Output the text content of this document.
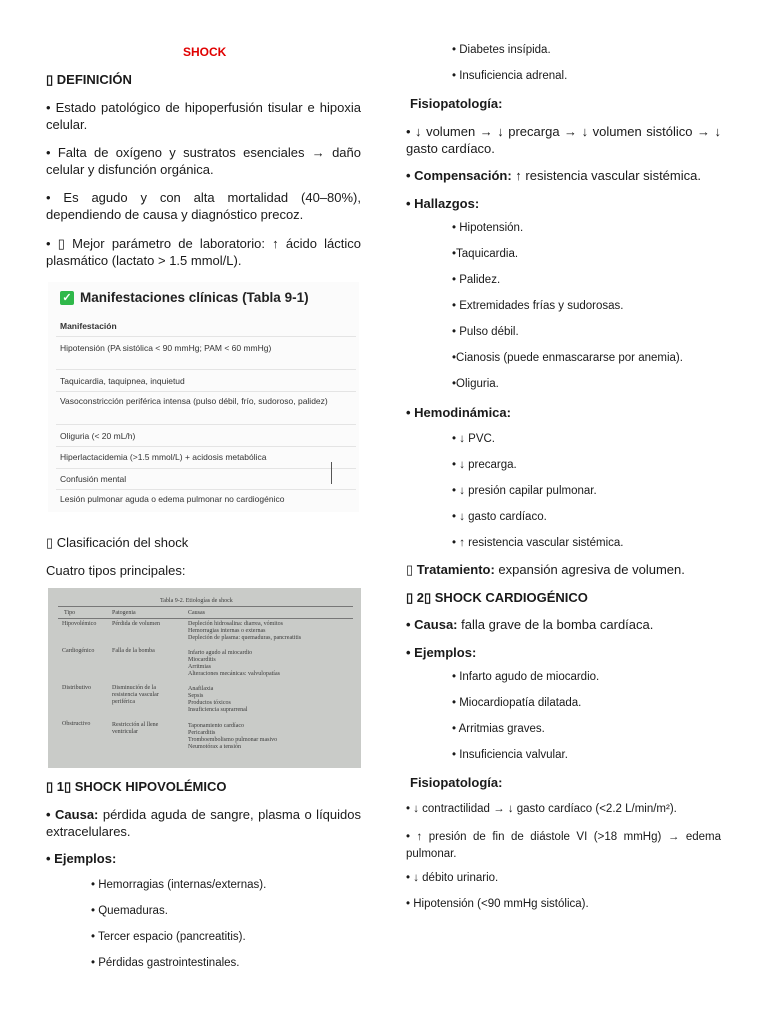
SHOCK
▯ DEFINICIÓN
• Estado patológico de hipoperfusión tisular e hipoxia celular.
• Falta de oxígeno y sustratos esenciales → daño celular y disfunción orgánica.
• Es agudo y con alta mortalidad (40–80%), dependiendo de causa y diagnóstico precoz.
• ▯ Mejor parámetro de laboratorio: ↑ ácido láctico plasmático (lactato > 1.5 mmol/L).
✓ Manifestaciones clínicas (Tabla 9-1)
Manifestación
Hipotensión (PA sistólica < 90 mmHg; PAM < 60 mmHg)
Taquicardia, taquipnea, inquietud
Vasoconstricción periférica intensa (pulso débil, frío, sudoroso, palidez)
Oliguria (< 20 mL/h)
Hiperlactacidemia (>1.5 mmol/L) + acidosis metabólica
Confusión mental
Lesión pulmonar aguda o edema pulmonar no cardiogénico
▯ Clasificación del shock
Cuatro tipos principales:
Tabla 9-2. Etiologías de shock
Tipo	Patogenia	Causas
Hipovolémico	Pérdida de volumen	Depleción hidrosalina: diarrea, vómitos
Hemorragias internas o externas
Depleción de plasma: quemaduras, pancreatitis
Cardiogénico	Falla de la bomba	Infarto agudo al miocardio
Miocarditis
Arritmias
Alteraciones mecánicas: valvulopatías
Distributivo	Disminución de la
resistencia vascular
periférica
Anafilaxia
Sepsis
Productos tóxicos
Insuficiencia suprarrenal
Obstructivo	Restricción al llene
ventricular
Taponamiento cardíaco
Pericarditis
Tromboembolismo pulmonar masivo
Neumotórax a tensión
▯ 1▯ SHOCK HIPOVOLÉMICO
• Causa: pérdida aguda de sangre, plasma o líquidos extracelulares.
• Ejemplos:
• Hemorragias (internas/externas).
• Quemaduras.
• Tercer espacio (pancreatitis).
• Pérdidas gastrointestinales.
• Diabetes insípida.
• Insuficiencia adrenal.
Fisiopatología:
• ↓ volumen → ↓ precarga → ↓ volumen sistólico → ↓ gasto cardíaco.
• Compensación: ↑ resistencia vascular sistémica.
• Hallazgos:
• Hipotensión.
•Taquicardia.
• Palidez.
• Extremidades frías y sudorosas.
• Pulso débil.
•Cianosis (puede enmascararse por anemia).
•Oliguria.
• Hemodinámica:
• ↓ PVC.
• ↓ precarga.
• ↓ presión capilar pulmonar.
• ↓ gasto cardíaco.
• ↑ resistencia vascular sistémica.
▯ Tratamiento: expansión agresiva de volumen.
▯ 2▯ SHOCK CARDIOGÉNICO
• Causa: falla grave de la bomba cardíaca.
• Ejemplos:
• Infarto agudo de miocardio.
• Miocardiopatía dilatada.
• Arritmias graves.
• Insuficiencia valvular.
Fisiopatología:
• ↓ contractilidad → ↓ gasto cardíaco (<2.2 L/min/m²).
• ↑ presión de fin de diástole VI (>18 mmHg) → edema pulmonar.
• ↓ débito urinario.
• Hipotensión (<90 mmHg sistólica).
